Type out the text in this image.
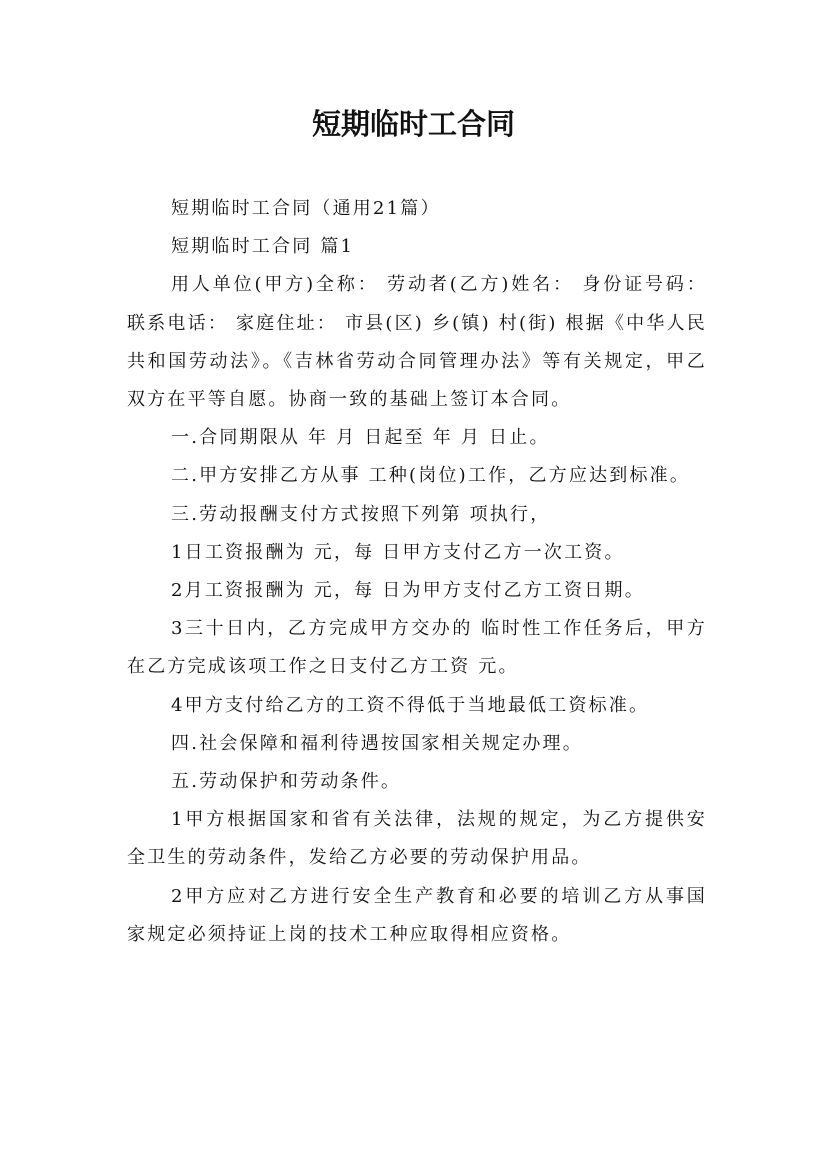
短期临时工合同

短期临时工合同（通用21篇）

短期临时工合同 篇1

用人单位(甲方)全称： 劳动者(乙方)姓名： 身份证号码： 联系电话： 家庭住址： 市县(区) 乡(镇) 村(街) 根据《中华人民共和国劳动法》。《吉林省劳动合同管理办法》等有关规定，甲乙双方在平等自愿。协商一致的基础上签订本合同。

一.合同期限从 年 月 日起至 年 月 日止。

二.甲方安排乙方从事 工种(岗位)工作，乙方应达到标准。

三.劳动报酬支付方式按照下列第 项执行，

1日工资报酬为 元，每 日甲方支付乙方一次工资。

2月工资报酬为 元，每 日为甲方支付乙方工资日期。

3三十日内，乙方完成甲方交办的 临时性工作任务后，甲方在乙方完成该项工作之日支付乙方工资 元。

4甲方支付给乙方的工资不得低于当地最低工资标准。

四.社会保障和福利待遇按国家相关规定办理。

五.劳动保护和劳动条件。

1甲方根据国家和省有关法律，法规的规定，为乙方提供安全卫生的劳动条件，发给乙方必要的劳动保护用品。

2甲方应对乙方进行安全生产教育和必要的培训乙方从事国家规定必须持证上岗的技术工种应取得相应资格。
